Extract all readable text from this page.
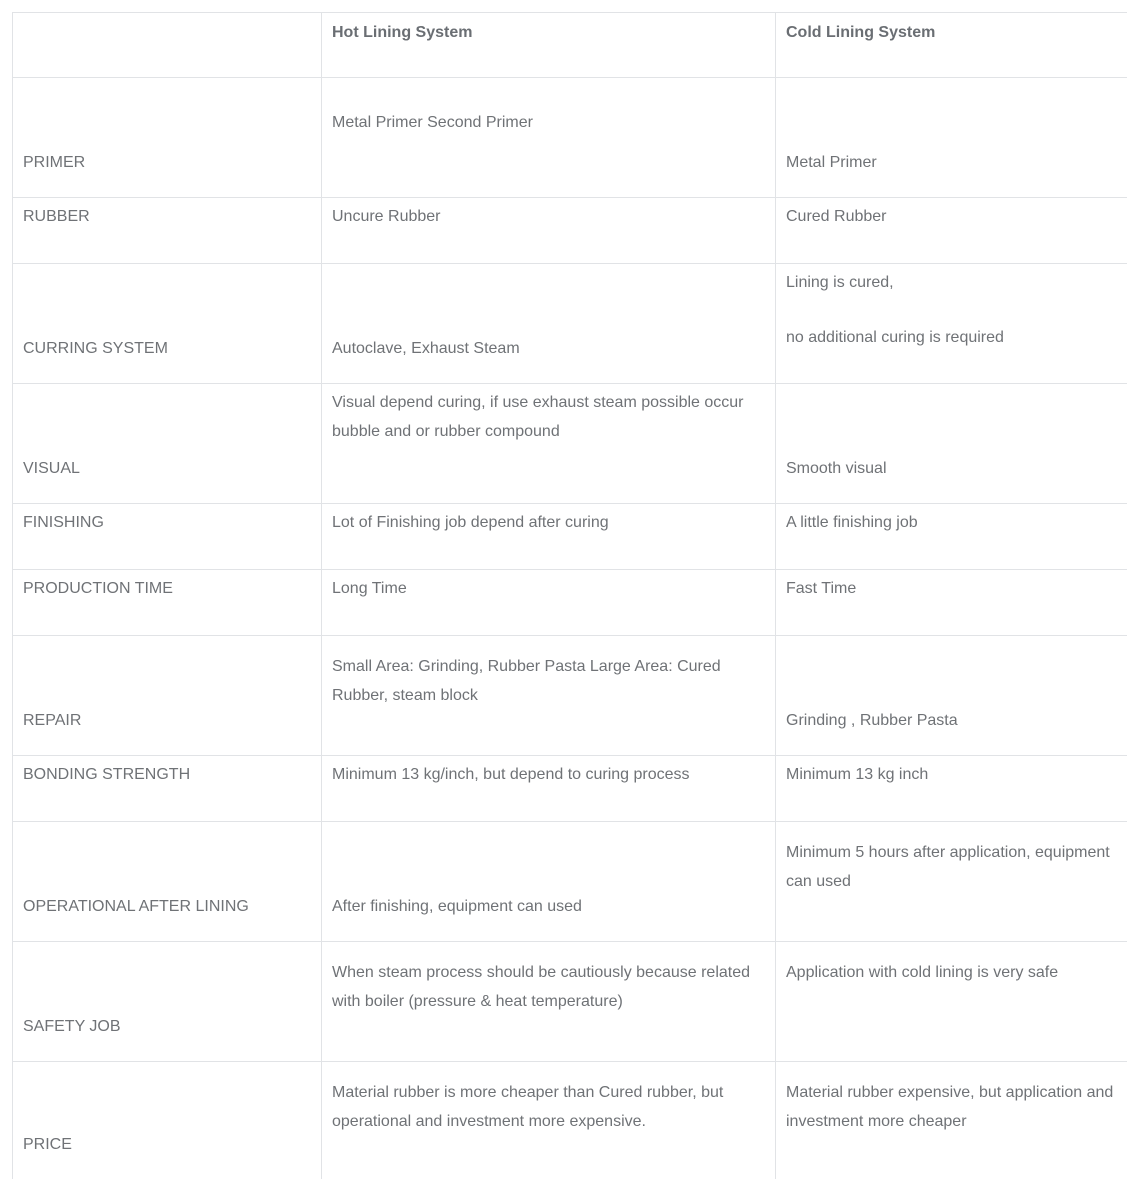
	Hot Lining System	Cold Lining System
PRIMER	Metal Primer Second Primer	Metal Primer
RUBBER	Uncure Rubber	Cured Rubber
CURRING SYSTEM	Autoclave, Exhaust Steam	Lining is cured,
no additional curing is required

VISUAL	Visual depend curing, if use exhaust steam possible occur bubble and or rubber compound	Smooth visual
FINISHING	Lot of Finishing job depend after curing	A little finishing job
PRODUCTION TIME	Long Time	Fast Time
REPAIR	Small Area: Grinding, Rubber Pasta Large Area: Cured Rubber, steam block	Grinding , Rubber Pasta
BONDING STRENGTH	Minimum 13 kg/inch, but depend to curing process	Minimum 13 kg inch
OPERATIONAL AFTER LINING	After finishing, equipment can used	Minimum 5 hours after application, equipment can used
SAFETY JOB	When steam process should be cautiously because related with boiler (pressure & heat temperature)	Application with cold lining is very safe
PRICE	Material rubber is more cheaper than Cured rubber, but operational and investment more expensive.	Material rubber expensive, but application and investment more cheaper
